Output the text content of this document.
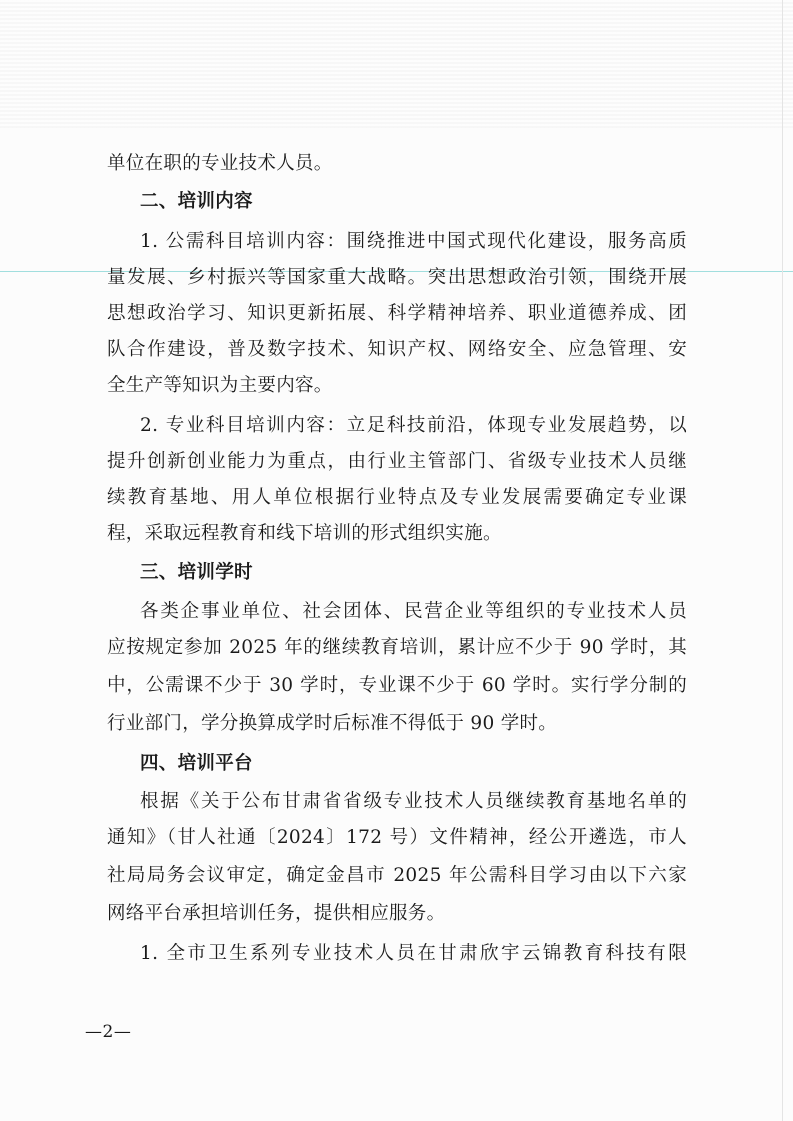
单位在职的专业技术人员。
二、培训内容
1. 公需科目培训内容：围绕推进中国式现代化建设，服务高质
量发展、乡村振兴等国家重大战略。突出思想政治引领，围绕开展
思想政治学习、知识更新拓展、科学精神培养、职业道德养成、团
队合作建设，普及数字技术、知识产权、网络安全、应急管理、安
全生产等知识为主要内容。
2. 专业科目培训内容：立足科技前沿，体现专业发展趋势，以
提升创新创业能力为重点，由行业主管部门、省级专业技术人员继
续教育基地、用人单位根据行业特点及专业发展需要确定专业课
程，采取远程教育和线下培训的形式组织实施。
三、培训学时
各类企事业单位、社会团体、民营企业等组织的专业技术人员
应按规定参加 2025 年的继续教育培训，累计应不少于 90 学时，其
中，公需课不少于 30 学时，专业课不少于 60 学时。实行学分制的
行业部门，学分换算成学时后标准不得低于 90 学时。
四、培训平台
根据《关于公布甘肃省省级专业技术人员继续教育基地名单的
通知》（甘人社通〔2024〕172 号）文件精神，经公开遴选，市人
社局局务会议审定，确定金昌市 2025 年公需科目学习由以下六家
网络平台承担培训任务，提供相应服务。
1. 全市卫生系列专业技术人员在甘肃欣宇云锦教育科技有限
—2—
